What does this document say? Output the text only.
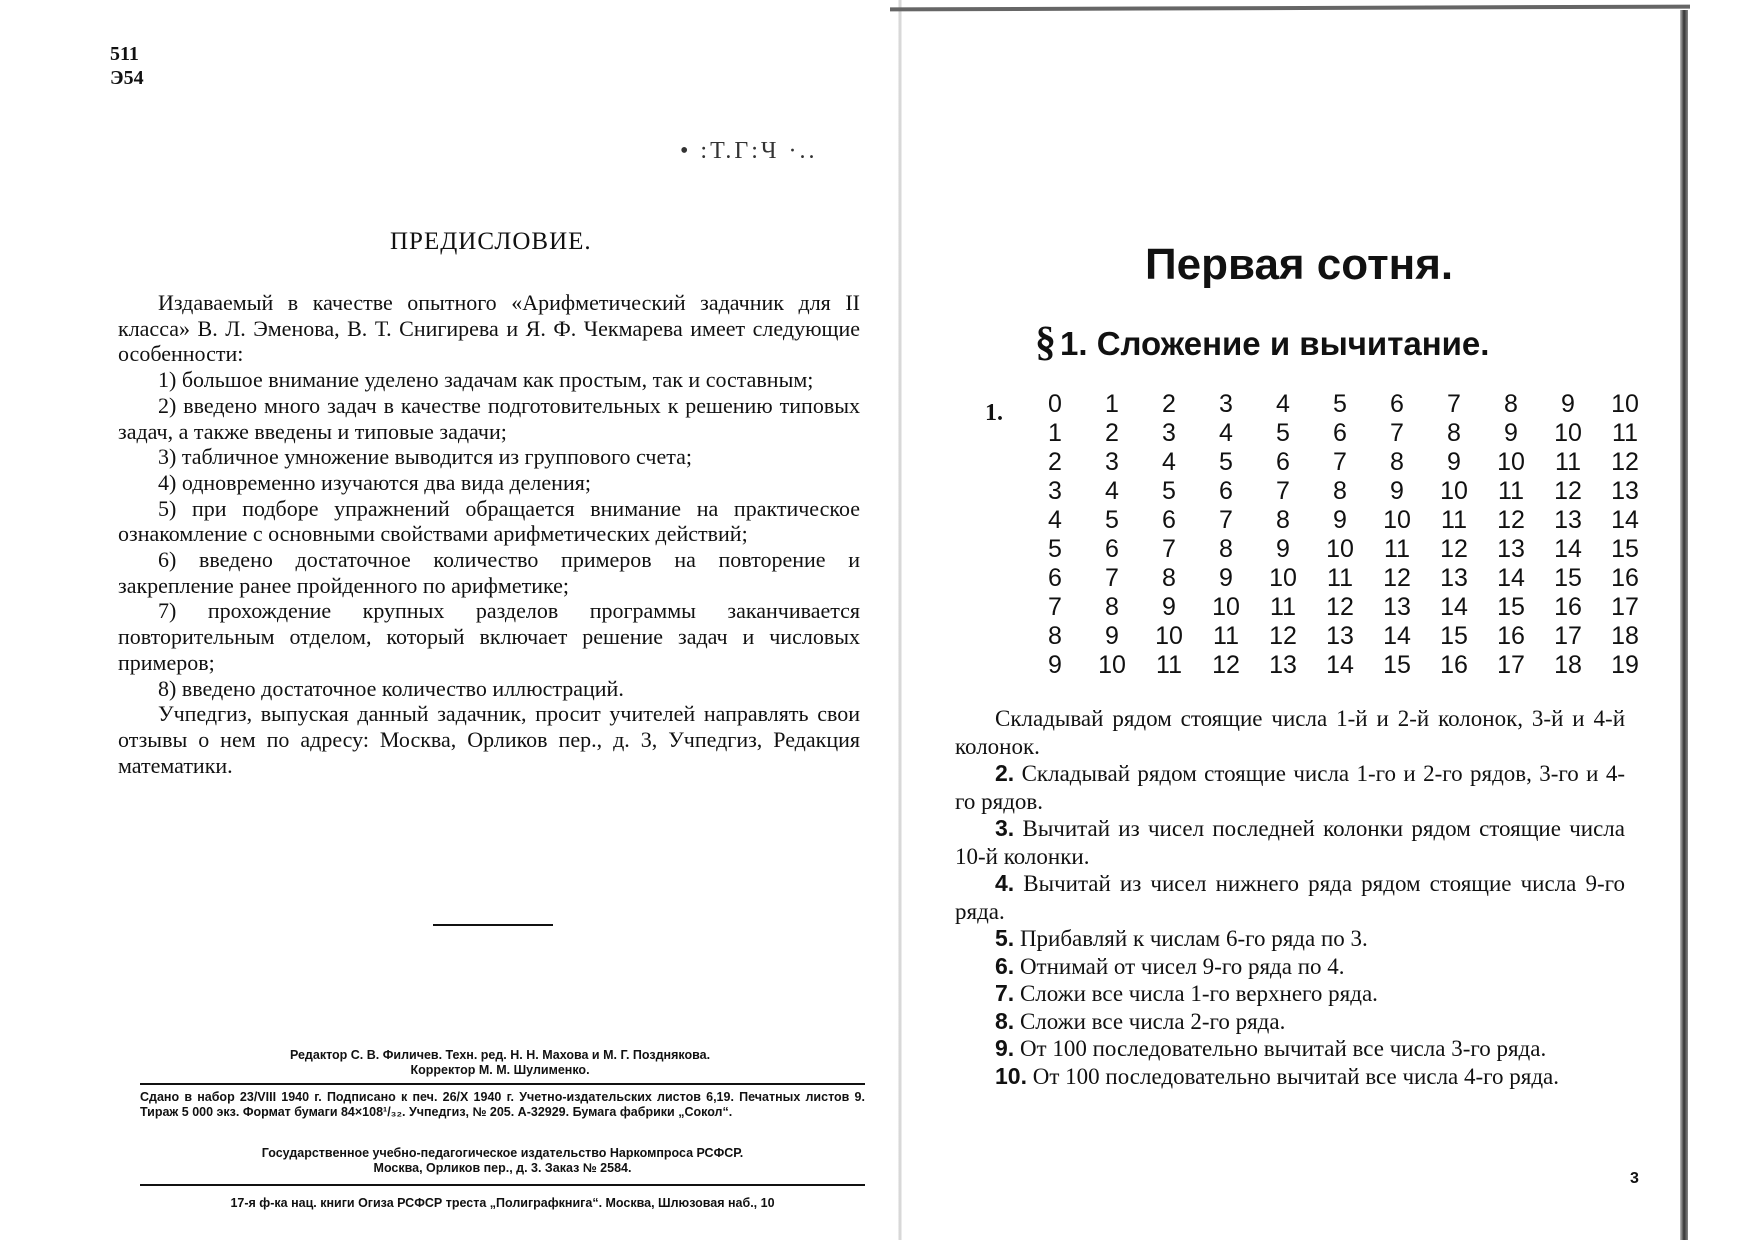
511
Э54
• :Т.Г:Ч ·..
ПРЕДИСЛОВИЕ.

Издаваемый в качестве опытного «Арифметический задачник для II класса» В. Л. Эменова, В. Т. Снигирева и Я. Ф. Чекмарева имеет следующие особенности:

1) большое внимание уделено задачам как простым, так и составным;

2) введено много задач в качестве подготовительных к решению типовых задач, а также введены и типовые задачи;

3) табличное умножение выводится из группового счета;

4) одновременно изучаются два вида деления;

5) при подборе упражнений обращается внимание на практическое ознакомление с основными свойствами арифметических действий;

6) введено достаточное количество примеров на повторение и закрепление ранее пройденного по арифметике;

7) прохождение крупных разделов программы заканчивается повторительным отделом, который включает решение задач и числовых примеров;

8) введено достаточное количество иллюстраций.

Учпедгиз, выпуская данный задачник, просит учителей направлять свои отзывы о нем по адресу: Москва, Орликов пер., д. 3, Учпедгиз, Редакция математики.

Редактор С. В. Филичев. Техн. ред. Н. Н. Махова и М. Г. Позднякова.
Корректор М. М. Шулименко.
Сдано в набор 23/VIII 1940 г. Подписано к печ. 26/X 1940 г. Учетно-издательских листов 6,19. Печатных листов 9. Тираж 5 000 экз. Формат бумаги 84×108¹/₃₂. Учпедгиз, № 205. А-32929. Бумага фабрики „Сокол“.
Государственное учебно-педагогическое издательство Наркомпроса РСФСР.
Москва, Орликов пер., д. 3. Заказ № 2584.
17-я ф-ка нац. книги Огиза РСФСР треста „Полиграфкнига“. Москва, Шлюзовая наб., 10
Первая сотня.
§ 1. Сложение и вычитание.
1.	0	1	2	3	4	5	6	7	8	9	10
1	2	3	4	5	6	7	8	9	10	11
2	3	4	5	6	7	8	9	10	11	12
3	4	5	6	7	8	9	10	11	12	13
4	5	6	7	8	9	10	11	12	13	14
5	6	7	8	9	10	11	12	13	14	15
6	7	8	9	10	11	12	13	14	15	16
7	8	9	10	11	12	13	14	15	16	17
8	9	10	11	12	13	14	15	16	17	18
9	10	11	12	13	14	15	16	17	18	19

Складывай рядом стоящие числа 1-й и 2-й колонок, 3-й и 4-й колонок.

2. Складывай рядом стоящие числа 1-го и 2-го рядов, 3-го и 4-го рядов.

3. Вычитай из чисел последней колонки рядом стоящие числа 10-й колонки.

4. Вычитай из чисел нижнего ряда рядом стоящие числа 9-го ряда.

5. Прибавляй к числам 6-го ряда по 3.

6. Отнимай от чисел 9-го ряда по 4.

7. Сложи все числа 1-го верхнего ряда.

8. Сложи все числа 2-го ряда.

9. От 100 последовательно вычитай все числа 3-го ряда.

10. От 100 последовательно вычитай все числа 4-го ряда.

3
